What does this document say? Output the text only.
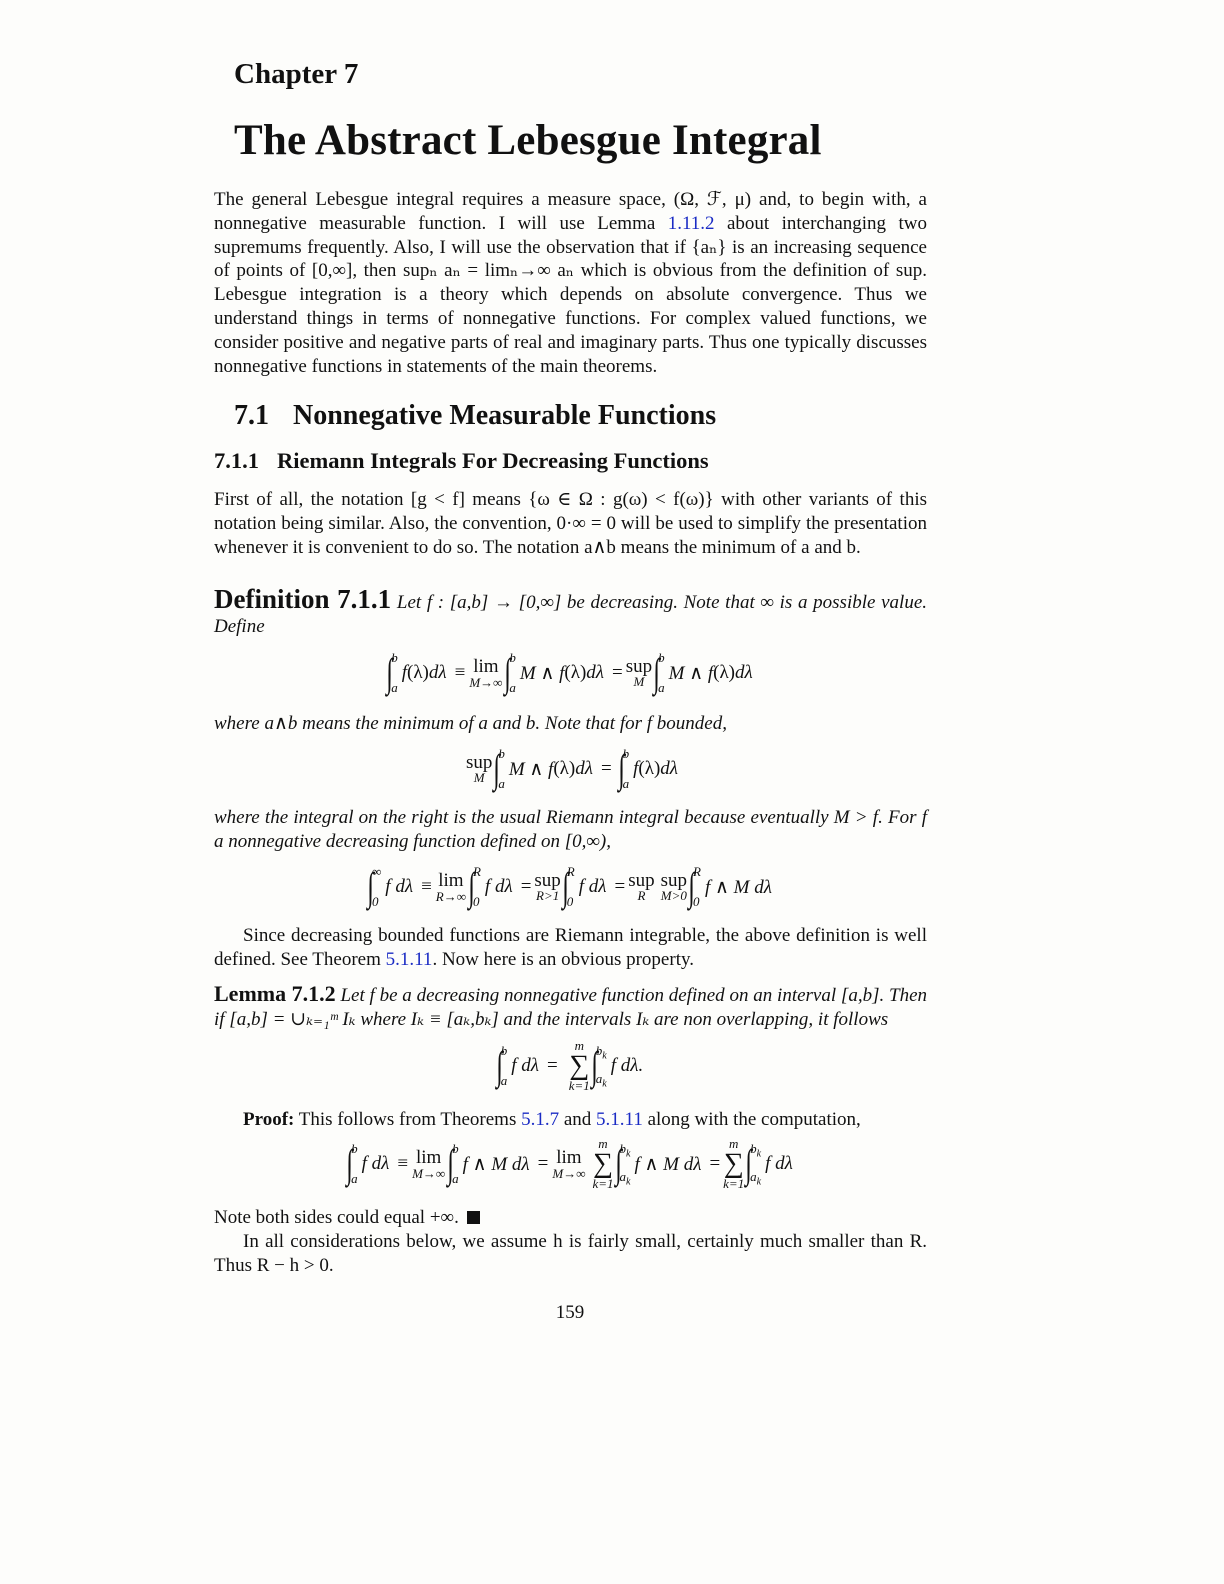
Chapter 7
The Abstract Lebesgue Integral

The general Lebesgue integral requires a measure space, (Ω, ℱ, μ) and, to begin with, a nonnegative measurable function. I will use Lemma 1.11.2 about interchanging two supremums frequently. Also, I will use the observation that if {aₙ} is an increasing sequence of points of [0,∞], then supₙ aₙ = limₙ→∞ aₙ which is obvious from the definition of sup. Lebesgue integration is a theory which depends on absolute convergence. Thus we understand things in terms of nonnegative functions. For complex valued functions, we consider positive and negative parts of real and imaginary parts. Thus one typically discusses nonnegative functions in statements of the main theorems.

7.1 Nonnegative Measurable Functions
7.1.1 Riemann Integrals For Decreasing Functions

First of all, the notation [g < f] means {ω ∈ Ω : g(ω) < f(ω)} with other variants of this notation being similar. Also, the convention, 0·∞ = 0 will be used to simplify the presentation whenever it is convenient to do so. The notation a∧b means the minimum of a and b.

Definition 7.1.1 Let f : [a,b] → [0,∞] be decreasing. Note that ∞ is a possible value. Define

∫
b
a
f (λ) dλ ≡ lim
M→∞ ∫
b
a
M ∧ f (λ) dλ = sup
M ∫
b
a
M ∧ f (λ) dλ

where a∧b means the minimum of a and b. Note that for f bounded,

sup
M ∫
b
a
M ∧ f (λ) dλ = ∫
b
a
f (λ) dλ

where the integral on the right is the usual Riemann integral because eventually M > f. For f a nonnegative decreasing function defined on [0,∞),

∫
∞
0
f dλ ≡ lim
R→∞ ∫
R
0
f dλ = sup
R>1 ∫
R
0
f dλ = sup
R
sup
M>0 ∫
R
0
f ∧ M dλ

Since decreasing bounded functions are Riemann integrable, the above definition is well defined. See Theorem 5.1.11. Now here is an obvious property.

Lemma 7.1.2 Let f be a decreasing nonnegative function defined on an interval [a,b]. Then if [a,b] = ∪ₖ₌₁ᵐ Iₖ where Iₖ ≡ [aₖ,bₖ] and the intervals Iₖ are non overlapping, it follows

∫
b
a
f dλ =
m
∑
k=1 ∫
$b_k$
$a_k$
f dλ.

Proof: This follows from Theorems 5.1.7 and 5.1.11 along with the computation,

∫
b
a
f dλ ≡ lim
M→∞ ∫
b
a
f ∧ M dλ = lim
M→∞
m
∑
k=1 ∫
$b_k$
$a_k$
f ∧ M dλ =
m
∑
k=1 ∫
$b_k$
$a_k$
f dλ

Note both sides could equal +∞.

In all considerations below, we assume h is fairly small, certainly much smaller than R. Thus R − h > 0.

159
